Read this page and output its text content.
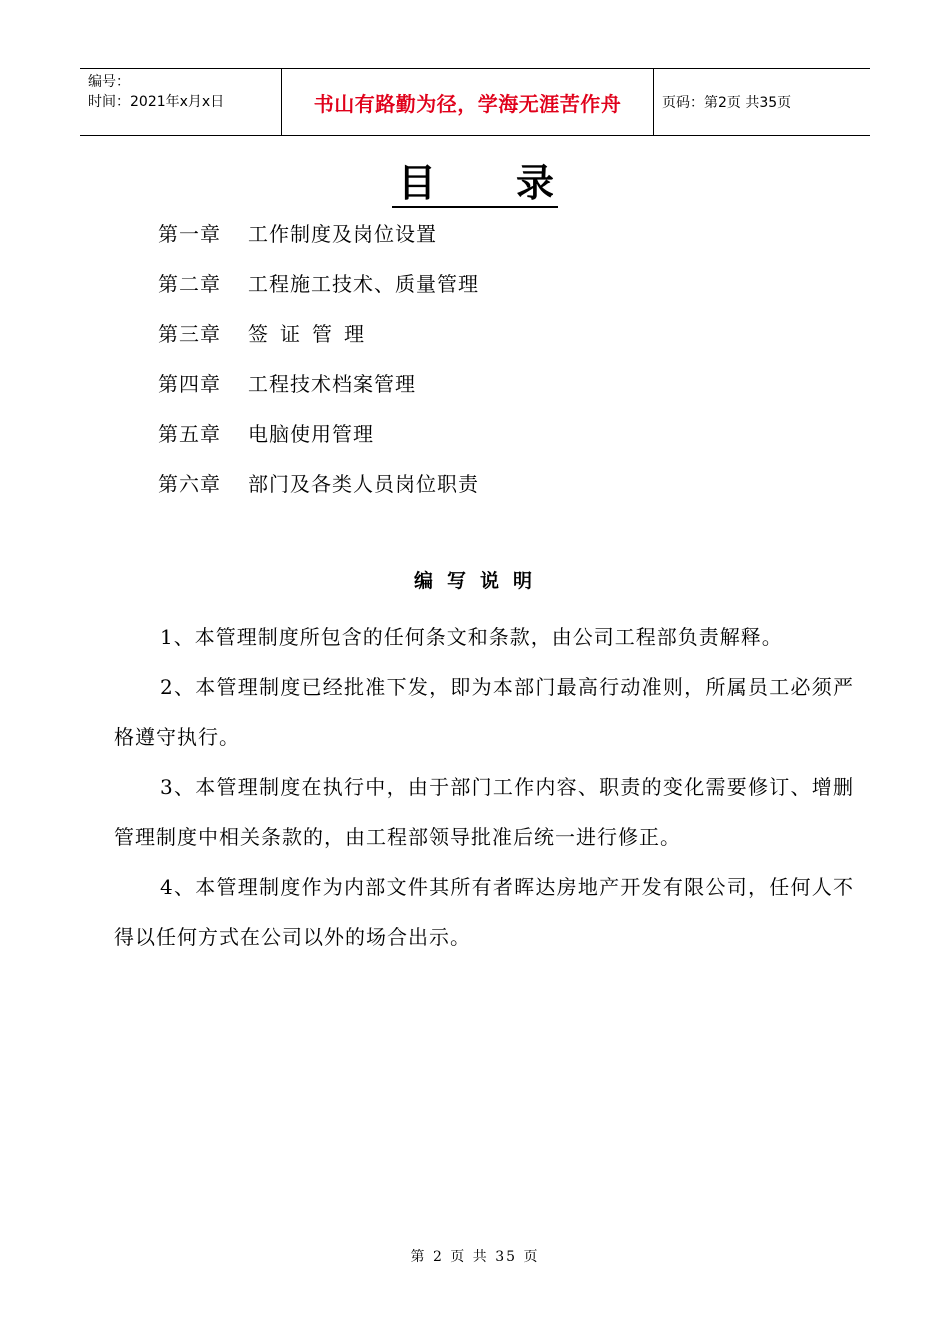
编号：
时间：2021年x月x日	书山有路勤为径，学海无涯苦作舟	页码：第2页 共35页
目 录
第一章	工作制度及岗位设置
第二章	工程施工技术、质量管理
第三章	签证管理
第四章	工程技术档案管理
第五章	电脑使用管理
第六章	部门及各类人员岗位职责
编写说明

1、本管理制度所包含的任何条文和条款，由公司工程部负责解释。

2、本管理制度已经批准下发，即为本部门最高行动准则，所属员工必须严格遵守执行。

3、本管理制度在执行中，由于部门工作内容、职责的变化需要修订、增删管理制度中相关条款的，由工程部领导批准后统一进行修正。

4、本管理制度作为内部文件其所有者晖达房地产开发有限公司，任何人不得以任何方式在公司以外的场合出示。

第 2 页 共 35 页
